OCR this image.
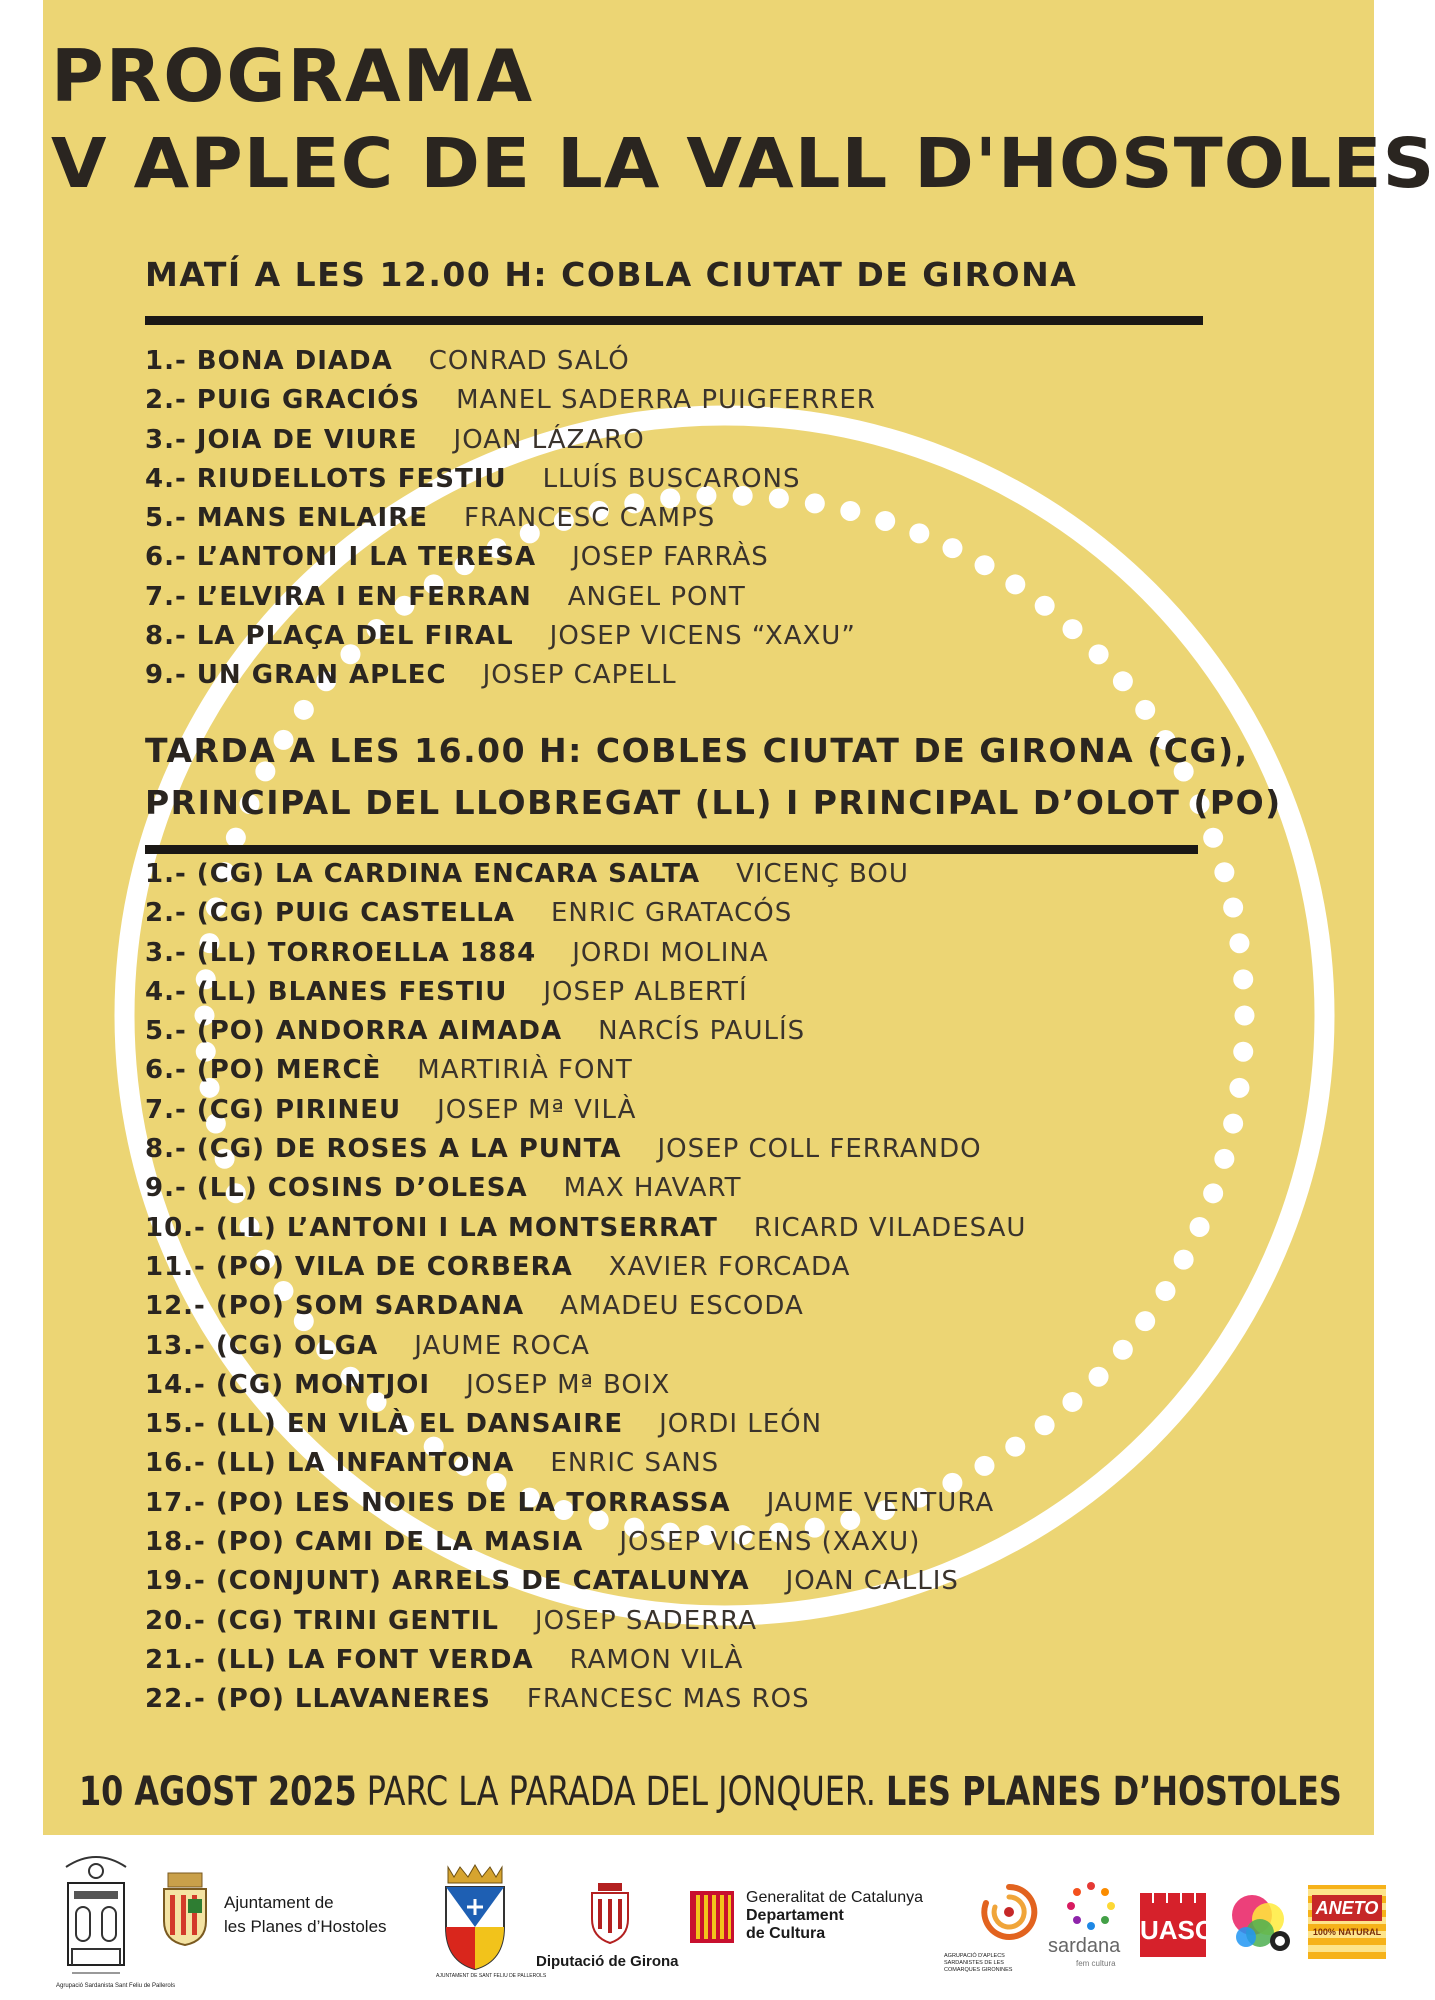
PROGRAMA
V APLEC DE LA VALL D'HOSTOLES
MATÍ A LES 12.00 H: COBLA CIUTAT DE GIRONA
1.- BONA DIADA CONRAD SALÓ
2.- PUIG GRACIÓS MANEL SADERRA PUIGFERRER
3.- JOIA DE VIURE JOAN LÁZARO
4.- RIUDELLOTS FESTIU LLUÍS BUSCARONS
5.- MANS ENLAIRE FRANCESC CAMPS
6.- L’ANTONI I LA TERESA JOSEP FARRÀS
7.- L’ELVIRA I EN FERRAN ANGEL PONT
8.- LA PLAÇA DEL FIRAL JOSEP VICENS “XAXU”
9.- UN GRAN APLEC JOSEP CAPELL
TARDA A LES 16.00 H: COBLES CIUTAT DE GIRONA (CG),
PRINCIPAL DEL LLOBREGAT (LL) I PRINCIPAL D’OLOT (PO)
1.- (CG) LA CARDINA ENCARA SALTA VICENÇ BOU
2.- (CG) PUIG CASTELLA ENRIC GRATACÓS
3.- (LL) TORROELLA 1884 JORDI MOLINA
4.- (LL) BLANES FESTIU JOSEP ALBERTÍ
5.- (PO) ANDORRA AIMADA NARCÍS PAULÍS
6.- (PO) MERCÈ MARTIRIÀ FONT
7.- (CG) PIRINEU JOSEP Mª VILÀ
8.- (CG) DE ROSES A LA PUNTA JOSEP COLL FERRANDO
9.- (LL) COSINS D’OLESA MAX HAVART
10.- (LL) L’ANTONI I LA MONTSERRAT RICARD VILADESAU
11.- (PO) VILA DE CORBERA XAVIER FORCADA
12.- (PO) SOM SARDANA AMADEU ESCODA
13.- (CG) OLGA JAUME ROCA
14.- (CG) MONTJOI JOSEP Mª BOIX
15.- (LL) EN VILÀ EL DANSAIRE JORDI LEÓN
16.- (LL) LA INFANTONA ENRIC SANS
17.- (PO) LES NOIES DE LA TORRASSA JAUME VENTURA
18.- (PO) CAMI DE LA MASIA JOSEP VICENS (XAXU)
19.- (CONJUNT) ARRELS DE CATALUNYA JOAN CALLIS
20.- (CG) TRINI GENTIL JOSEP SADERRA
21.- (LL) LA FONT VERDA RAMON VILÀ
22.- (PO) LLAVANERES FRANCESC MAS ROS

10 AGOST 2025 PARC LA PARADA DEL JONQUER. LES PLANES D’HOSTOLES

Agrupació Sardanista Sant Feliu de Pallerols
Ajuntament de
les Planes d’Hostoles
AJUNTAMENT DE SANT FELIU DE PALLEROLS
Diputació de Girona
Generalitat de Catalunya
Departament
de Cultura
AGRUPACIÓ D'APLECS SARDANISTES DE LES COMARQUES GIRONINES
sardana
fem cultura
UASC
ANETO
100% NATURAL
